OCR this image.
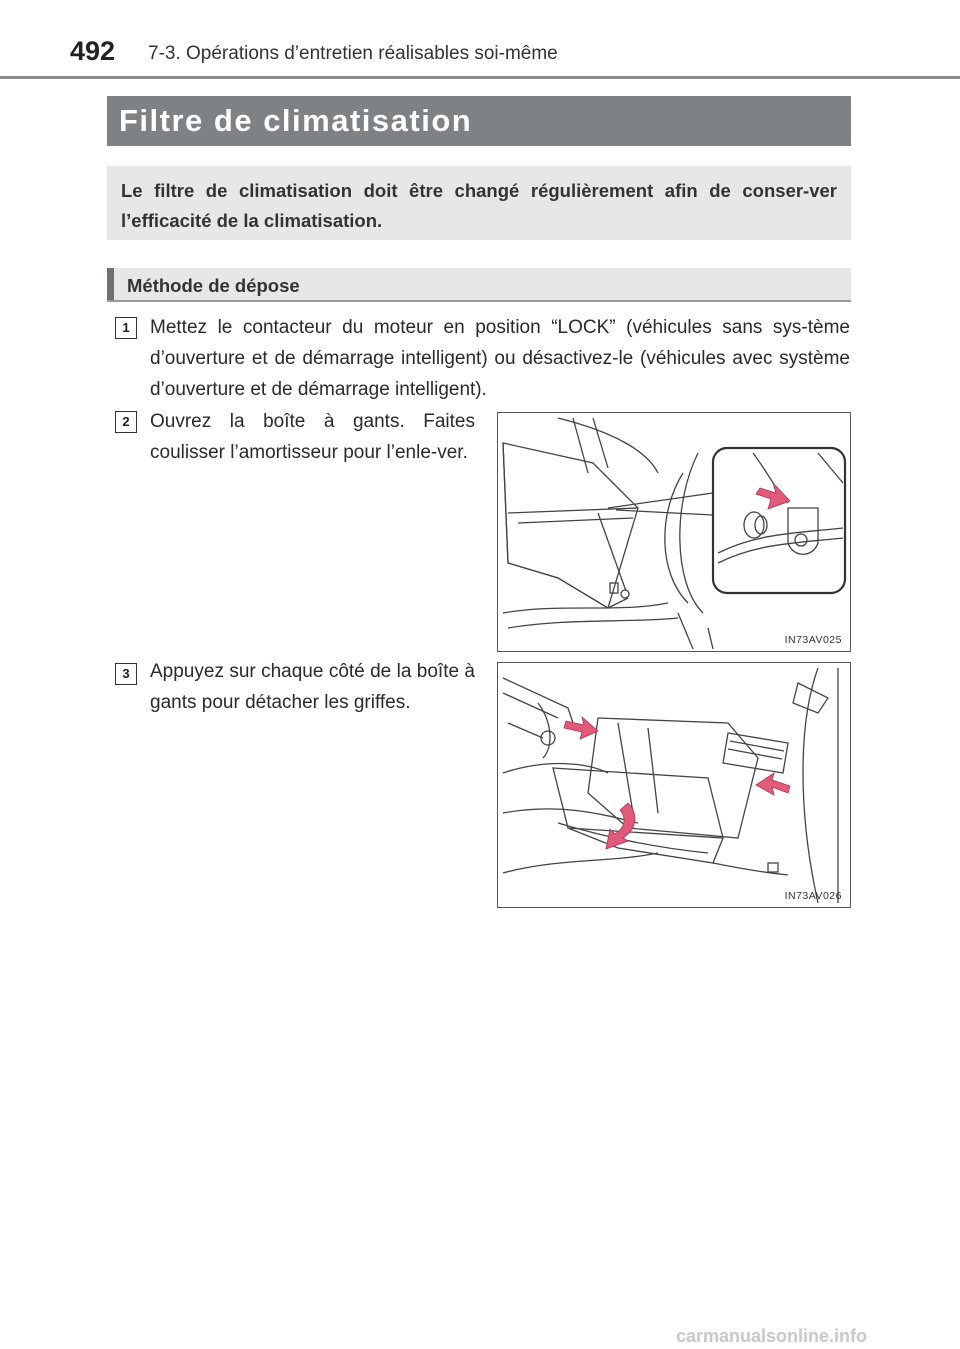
492 7-3. Opérations d’entretien réalisables soi-même
Filtre de climatisation

Le filtre de climatisation doit être changé régulièrement afin de conser-ver l’efficacité de la climatisation.

Méthode de dépose
1	Mettez le contacteur du moteur en position “LOCK” (véhicules sans sys-tème d’ouverture et de démarrage intelligent) ou désactivez-le (véhicules avec système d’ouverture et de démarrage intelligent).
2	Ouvrez la boîte à gants. Faites coulisser l’amortisseur pour l’enle-ver.
IN73AV025
3	Appuyez sur chaque côté de la boîte à gants pour détacher les griffes.
IN73AV026
carmanualsonline.info
